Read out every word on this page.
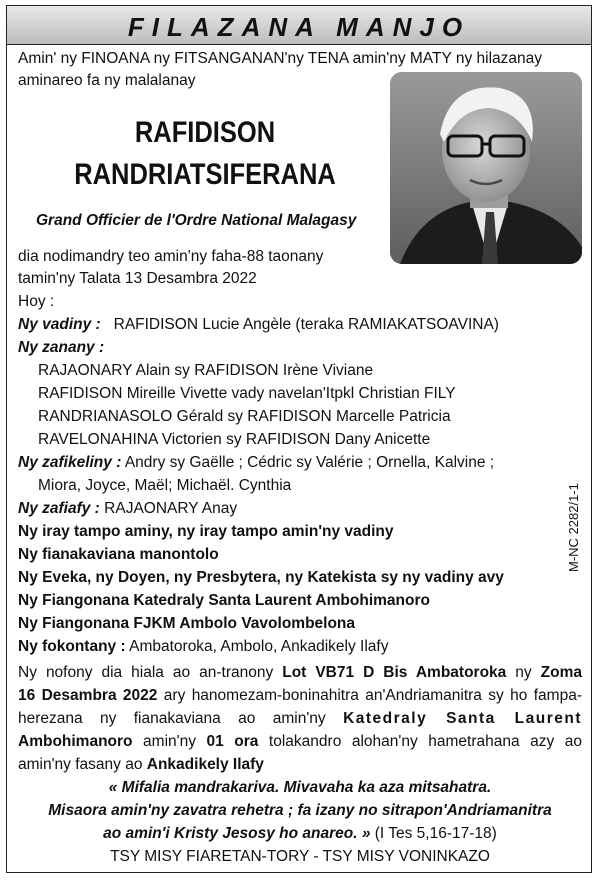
FILAZANA MANJO
Amin' ny FINOANA ny FITSANGANAN'ny TENA amin'ny MATY ny hilazanay
aminareo fa ny malalanay
RAFIDISON
RANDRIATSIFERANA
Grand Officier de l'Ordre National Malagasy
dia nodimandry teo amin'ny faha-88 taonany
tamin'ny Talata 13 Desambra 2022
Hoy :
Ny vadiny : RAFIDISON Lucie Angèle (teraka RAMIAKATSOAVINA)
Ny zanany :
RAJAONARY Alain sy RAFIDISON Irène Viviane
RAFIDISON Mireille Vivette vady navelan'Itpkl Christian FILY
RANDRIANASOLO Gérald sy RAFIDISON Marcelle Patricia
RAVELONAHINA Victorien sy RAFIDISON Dany Anicette
Ny zafikeliny : Andry sy Gaëlle ; Cédric sy Valérie ; Ornella, Kalvine ;
Miora, Joyce, Maël; Michaël. Cynthia
Ny zafiafy : RAJAONARY Anay
Ny iray tampo aminy, ny iray tampo amin'ny vadiny
Ny fianakaviana manontolo
Ny Eveka, ny Doyen, ny Presbytera, ny Katekista sy ny vadiny avy
Ny Fiangonana Katedraly Santa Laurent Ambohimanoro
Ny Fiangonana FJKM Ambolo Vavolombelona
Ny fokontany : Ambatoroka, Ambolo, Ankadikely Ilafy
M-NC 2282/1-1
Ny nofony dia hiala ao an-tranony Lot VB71 D Bis Ambatoroka ny Zoma
16 Desambra 2022 ary hanomezam-boninahitra an'Andriamanitra sy ho fampa-
herezana ny fianakaviana ao amin'ny Katedraly Santa Laurent
Ambohimanoro amin'ny 01 ora tolakandro alohan'ny hametrahana azy ao
amin'ny fasany ao Ankadikely Ilafy
« Mifalia mandrakariva. Mivavaha ka aza mitsahatra.
Misaora amin'ny zavatra rehetra ; fa izany no sitrapon'Andriamanitra
ao amin'i Kristy Jesosy ho anareo. » (I Tes 5,16-17-18)
TSY MISY FIARETAN-TORY - TSY MISY VONINKAZO
